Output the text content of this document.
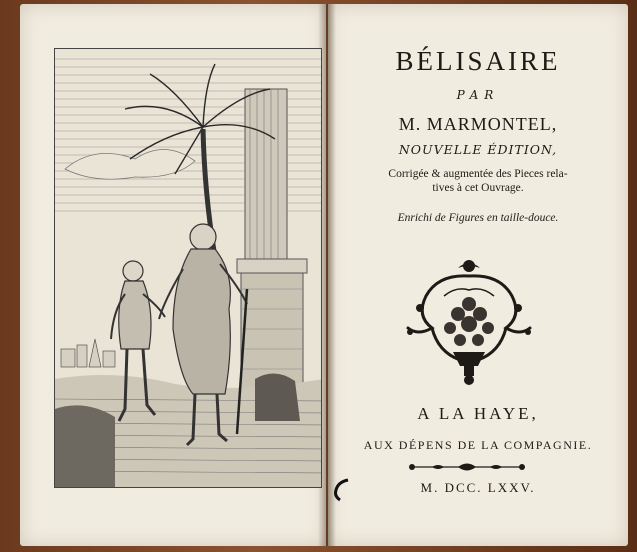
BÉLISAIRE
PAR
M. MARMONTEL,
NOUVELLE ÉDITION,
Corrigée & augmentée des Pieces rela-
tives à cet Ouvrage.
Enrichi de Figures en taille-douce.
A LA HAYE,
AUX DÉPENS DE LA COMPAGNIE.
M. DCC. LXXV.
